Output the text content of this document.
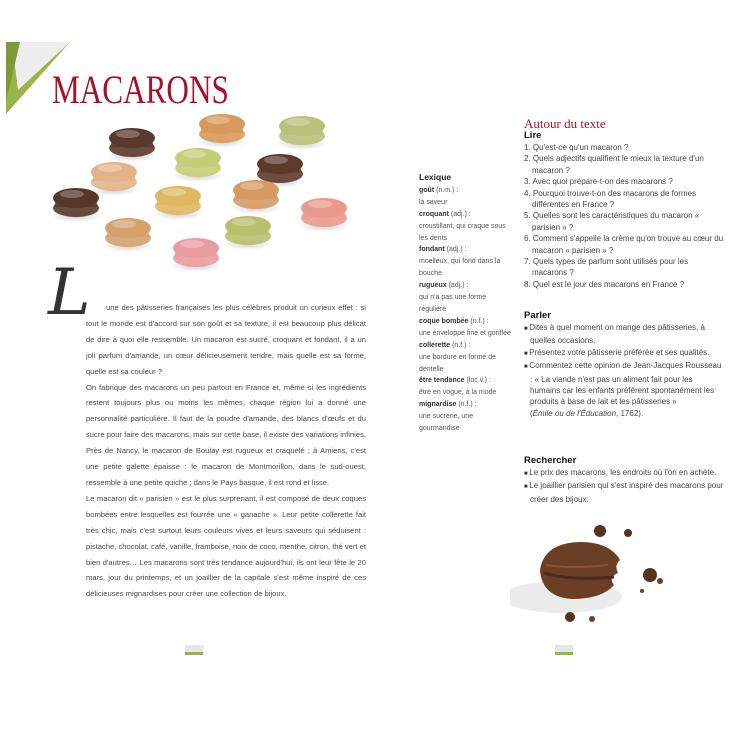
MACARONS
L	une des pâtisseries françaises les plus célèbres produit un curieux effet : si tout le monde est d'accord sur son goût et sa texture, il est beaucoup plus délicat de dire à quoi elle ressemble. Un macaron est sucré, croquant et fondant, il a un joli parfum d'amande, un cœur délicieusement tendre, mais quelle est sa forme, quelle est sa couleur ?

On fabrique des macarons un peu partout en France et, même si les ingrédients restent toujours plus ou moins les mêmes, chaque région lui a donné une personnalité particulière. Il faut de la poudre d'amande, des blancs d'œufs et du sucre pour faire des macarons, mais sur cette base, il existe des variations infinies. Près de Nancy, le macaron de Boulay est rugueux et craquelé ; à Amiens, c'est une petite galette épaisse : le macaron de Montmorillon, dans le sud-ouest, ressemble à une petite quiche ; dans le Pays basque, il est rond et lisse.

Le macaron dit « parisien » est le plus surprenant, il est composé de deux coques bombées entre lesquelles est fourrée une « ganache ». Leur petite collerette fait très chic, mais c'est surtout leurs couleurs vives et leurs saveurs qui séduisent : pistache, chocolat, café, vanille, framboise, noix de coco, menthe, citron, thé vert et bien d'autres… Les macarons sont très tendance aujourd'hui, ils ont leur fête le 20 mars, jour du printemps, et un joaillier de la capitale s'est même inspiré de ces délicieuses mignardises pour créer une collection de bijoux.

Lexique
goût (n.m.) :
la saveur
croquant (adj.) :
croustillant, qui craque sous les dents
fondant (adj.) :
moelleux, qui fond dans la bouche
rugueux (adj.) :
qui n'a pas une forme régulière
coque bombée (n.f.) :
une enveloppe fine et gonflée
collerette (n.f.) :
une bordure en forme de dentelle
être tendance (loc.v.) :
être en vogue, à la mode
mignardise (n.f.) :
une sucrerie, une gourmandise
Autour du texte
Lire
1. Qu'est-ce qu'un macaron ?
2. Quels adjectifs qualifient le mieux la texture d'un macaron ?
3. Avec quoi prépare-t-on des macarons ?
4. Pourquoi trouve-t-on des macarons de formes différentes en France ?
5. Quelles sont les caractéristiques du macaron « parisien » ?
6. Comment s'appelle la crème qu'on trouve au cœur du macaron « parisien » ?
7. Quels types de parfum sont utilisés pour les macarons ?
8. Quel est le jour des macarons en France ?
Parler
■ Dites à quel moment on mange des pâtisseries, à quelles occasions.
■ Présentez votre pâtisserie préférée et ses qualités.
■ Commentez cette opinion de Jean-Jacques Rousseau : « La viande n'est pas un aliment fait pour les humains car les enfants préfèrent spontanément les produits à base de lait et les pâtisseries »
(Émile ou de l'Éducation, 1762).
Rechercher
■ Le prix des macarons, les endroits où l'on en achète.
■ Le joaillier parisien qui s'est inspiré des macarons pour créer des bijoux.
